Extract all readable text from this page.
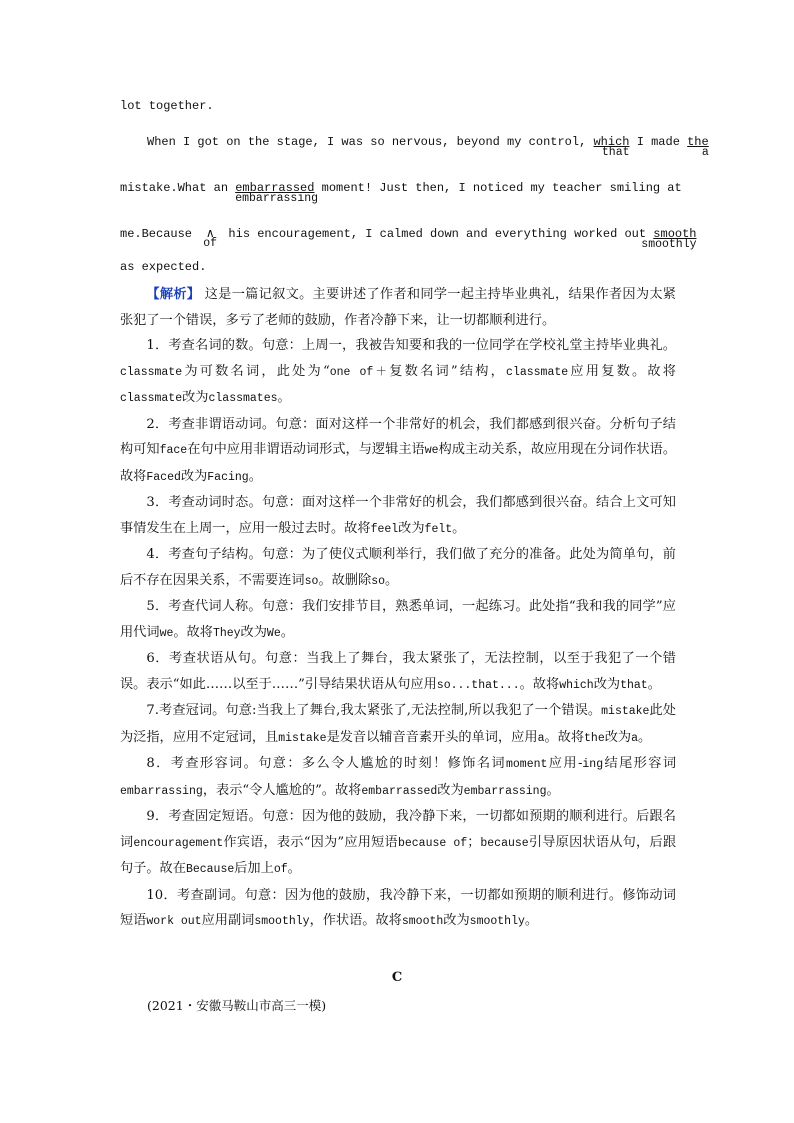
lot together.
When I got on the stage, I was so nervous, beyond my control, which
that
I made the
a
mistake.What an embarrassed
embarrassing
moment! Just then, I noticed my teacher smiling at
me.Because ∧
of
his encouragement, I calmed down and everything worked out smooth
smoothly
as expected.

【解析】 这是一篇记叙文。主要讲述了作者和同学一起主持毕业典礼，结果作者因为太紧张犯了一个错误，多亏了老师的鼓励，作者冷静下来，让一切都顺利进行。

1．考查名词的数。句意：上周一，我被告知要和我的一位同学在学校礼堂主持毕业典礼。classmate为可数名词，此处为“one of＋复数名词”结构，classmate应用复数。故将classmate改为classmates。

2．考查非谓语动词。句意：面对这样一个非常好的机会，我们都感到很兴奋。分析句子结构可知face在句中应用非谓语动词形式，与逻辑主语we构成主动关系，故应用现在分词作状语。故将Faced改为Facing。

3．考查动词时态。句意：面对这样一个非常好的机会，我们都感到很兴奋。结合上文可知事情发生在上周一，应用一般过去时。故将feel改为felt。

4．考查句子结构。句意：为了使仪式顺利举行，我们做了充分的准备。此处为简单句，前后不存在因果关系，不需要连词so。故删除so。

5．考查代词人称。句意：我们安排节目，熟悉单词，一起练习。此处指“我和我的同学”应用代词we。故将They改为We。

6．考查状语从句。句意：当我上了舞台，我太紧张了，无法控制，以至于我犯了一个错误。表示“如此……以至于……”引导结果状语从句应用so...that...。故将which改为that。

7.考查冠词。句意:当我上了舞台,我太紧张了,无法控制,所以我犯了一个错误。mistake此处为泛指，应用不定冠词，且mistake是发音以辅音音素开头的单词，应用a。故将the改为a。

8．考查形容词。句意：多么令人尴尬的时刻！修饰名词moment应用-ing结尾形容词embarrassing，表示“令人尴尬的”。故将embarrassed改为embarrassing。

9．考查固定短语。句意：因为他的鼓励，我冷静下来，一切都如预期的顺利进行。后跟名词encouragement作宾语，表示“因为”应用短语because of；because引导原因状语从句，后跟句子。故在Because后加上of。

10．考查副词。句意：因为他的鼓励，我冷静下来，一切都如预期的顺利进行。修饰动词短语work out应用副词smoothly，作状语。故将smooth改为smoothly。

C
(2021・安徽马鞍山市高三一模)
